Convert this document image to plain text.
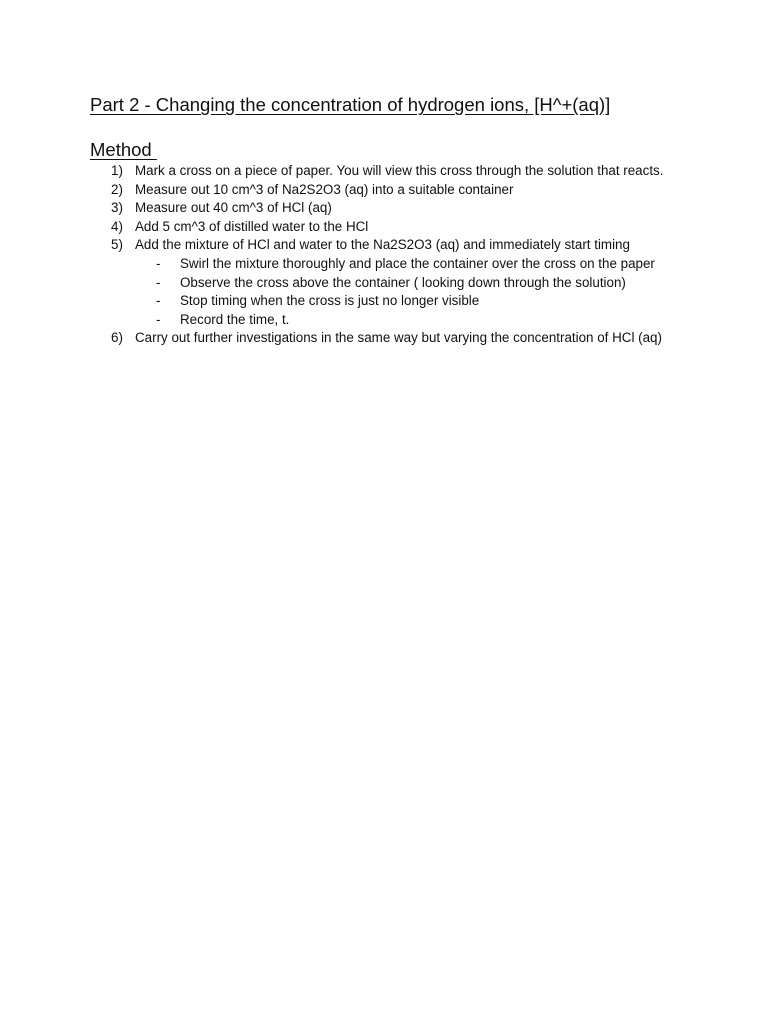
Part 2 - Changing the concentration of hydrogen ions, [H^+(aq)]
Method
1) Mark a cross on a piece of paper. You will view this cross through the solution that reacts.
2) Measure out 10 cm^3 of Na2S2O3 (aq) into a suitable container
3) Measure out 40 cm^3 of HCl (aq)
4) Add 5 cm^3 of distilled water to the HCl
5) Add the mixture of HCl and water to the Na2S2O3 (aq) and immediately start timing
- Swirl the mixture thoroughly and place the container over the cross on the paper
- Observe the cross above the container ( looking down through the solution)
- Stop timing when the cross is just no longer visible
- Record the time, t.
6) Carry out further investigations in the same way but varying the concentration of HCl (aq)
